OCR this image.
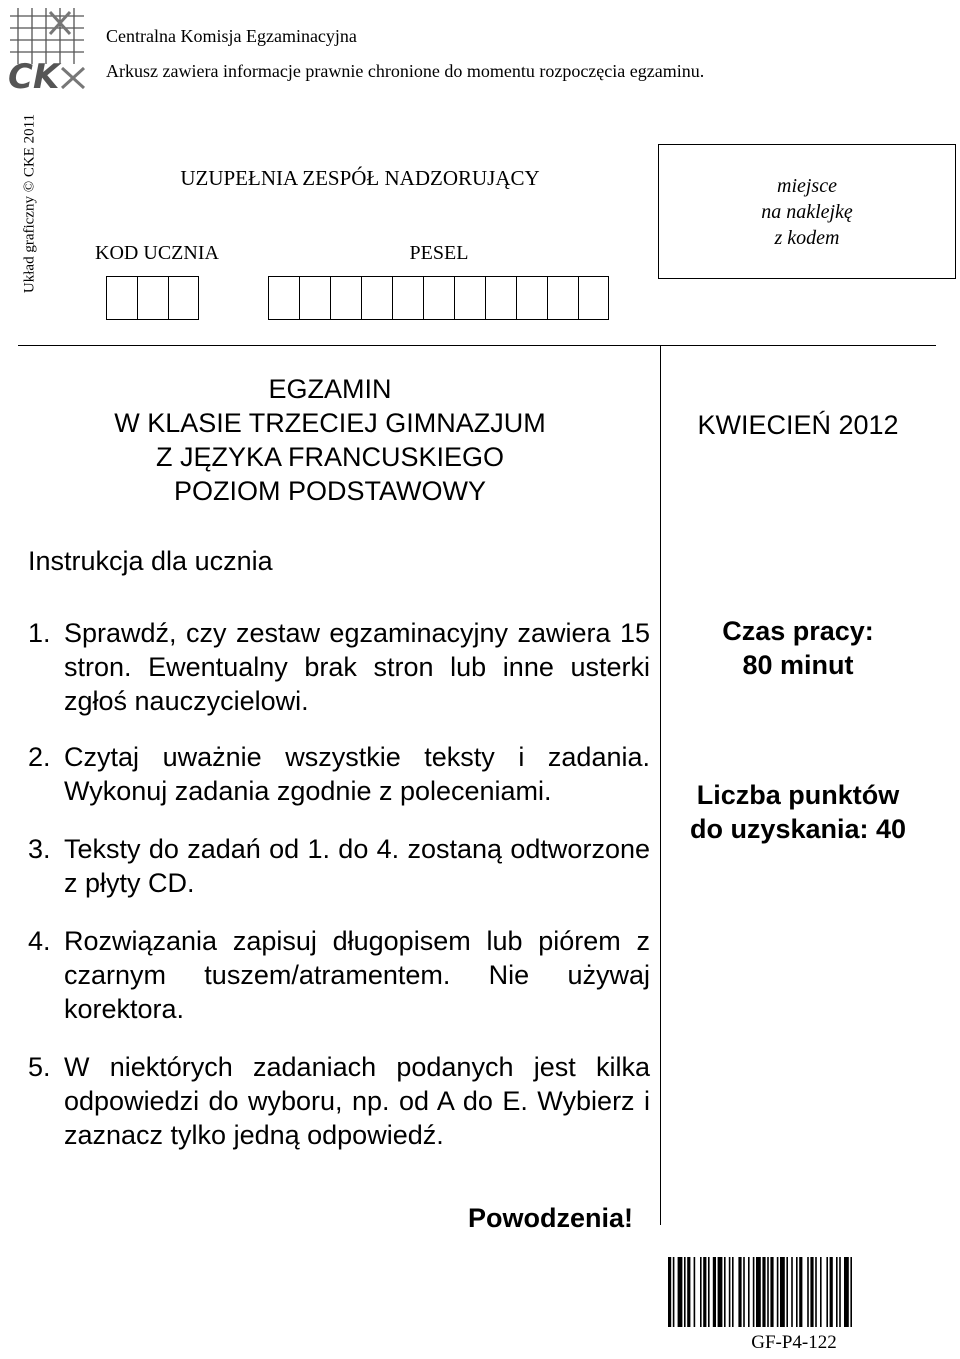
CK
Centralna Komisja Egzaminacyjna
Arkusz zawiera informacje prawnie chronione do momentu rozpoczęcia egzaminu.
Układ graficzny © CKE 2011	UZUPEŁNIA ZESPÓŁ NADZORUJĄCY
KOD UCZNIA	PESEL
miejsce
na naklejkę
z kodem
EGZAMIN
W KLASIE TRZECIEJ GIMNAZJUM
Z JĘZYKA FRANCUSKIEGO
POZIOM PODSTAWOWY
KWIECIEŃ 2012
Instrukcja dla ucznia
1. Sprawdź, czy zestaw egzaminacyjny zawiera 15 stron. Ewentualny brak stron lub inne usterki zgłoś nauczycielowi.
2. Czytaj uważnie wszystkie teksty i zadania. Wykonuj zadania zgodnie z poleceniami.
3. Teksty do zadań od 1. do 4. zostaną odtworzone z płyty CD.
4. Rozwiązania zapisuj długopisem lub piórem z czarnym tuszem/atramentem. Nie używaj korektora.
5. W niektórych zadaniach podanych jest kilka odpowiedzi do wyboru, np. od A do E. Wybierz i zaznacz tylko jedną odpowiedź.
Czas pracy:
80 minut
Liczba punktów
do uzyskania: 40
Powodzenia!
GF-P4-122
